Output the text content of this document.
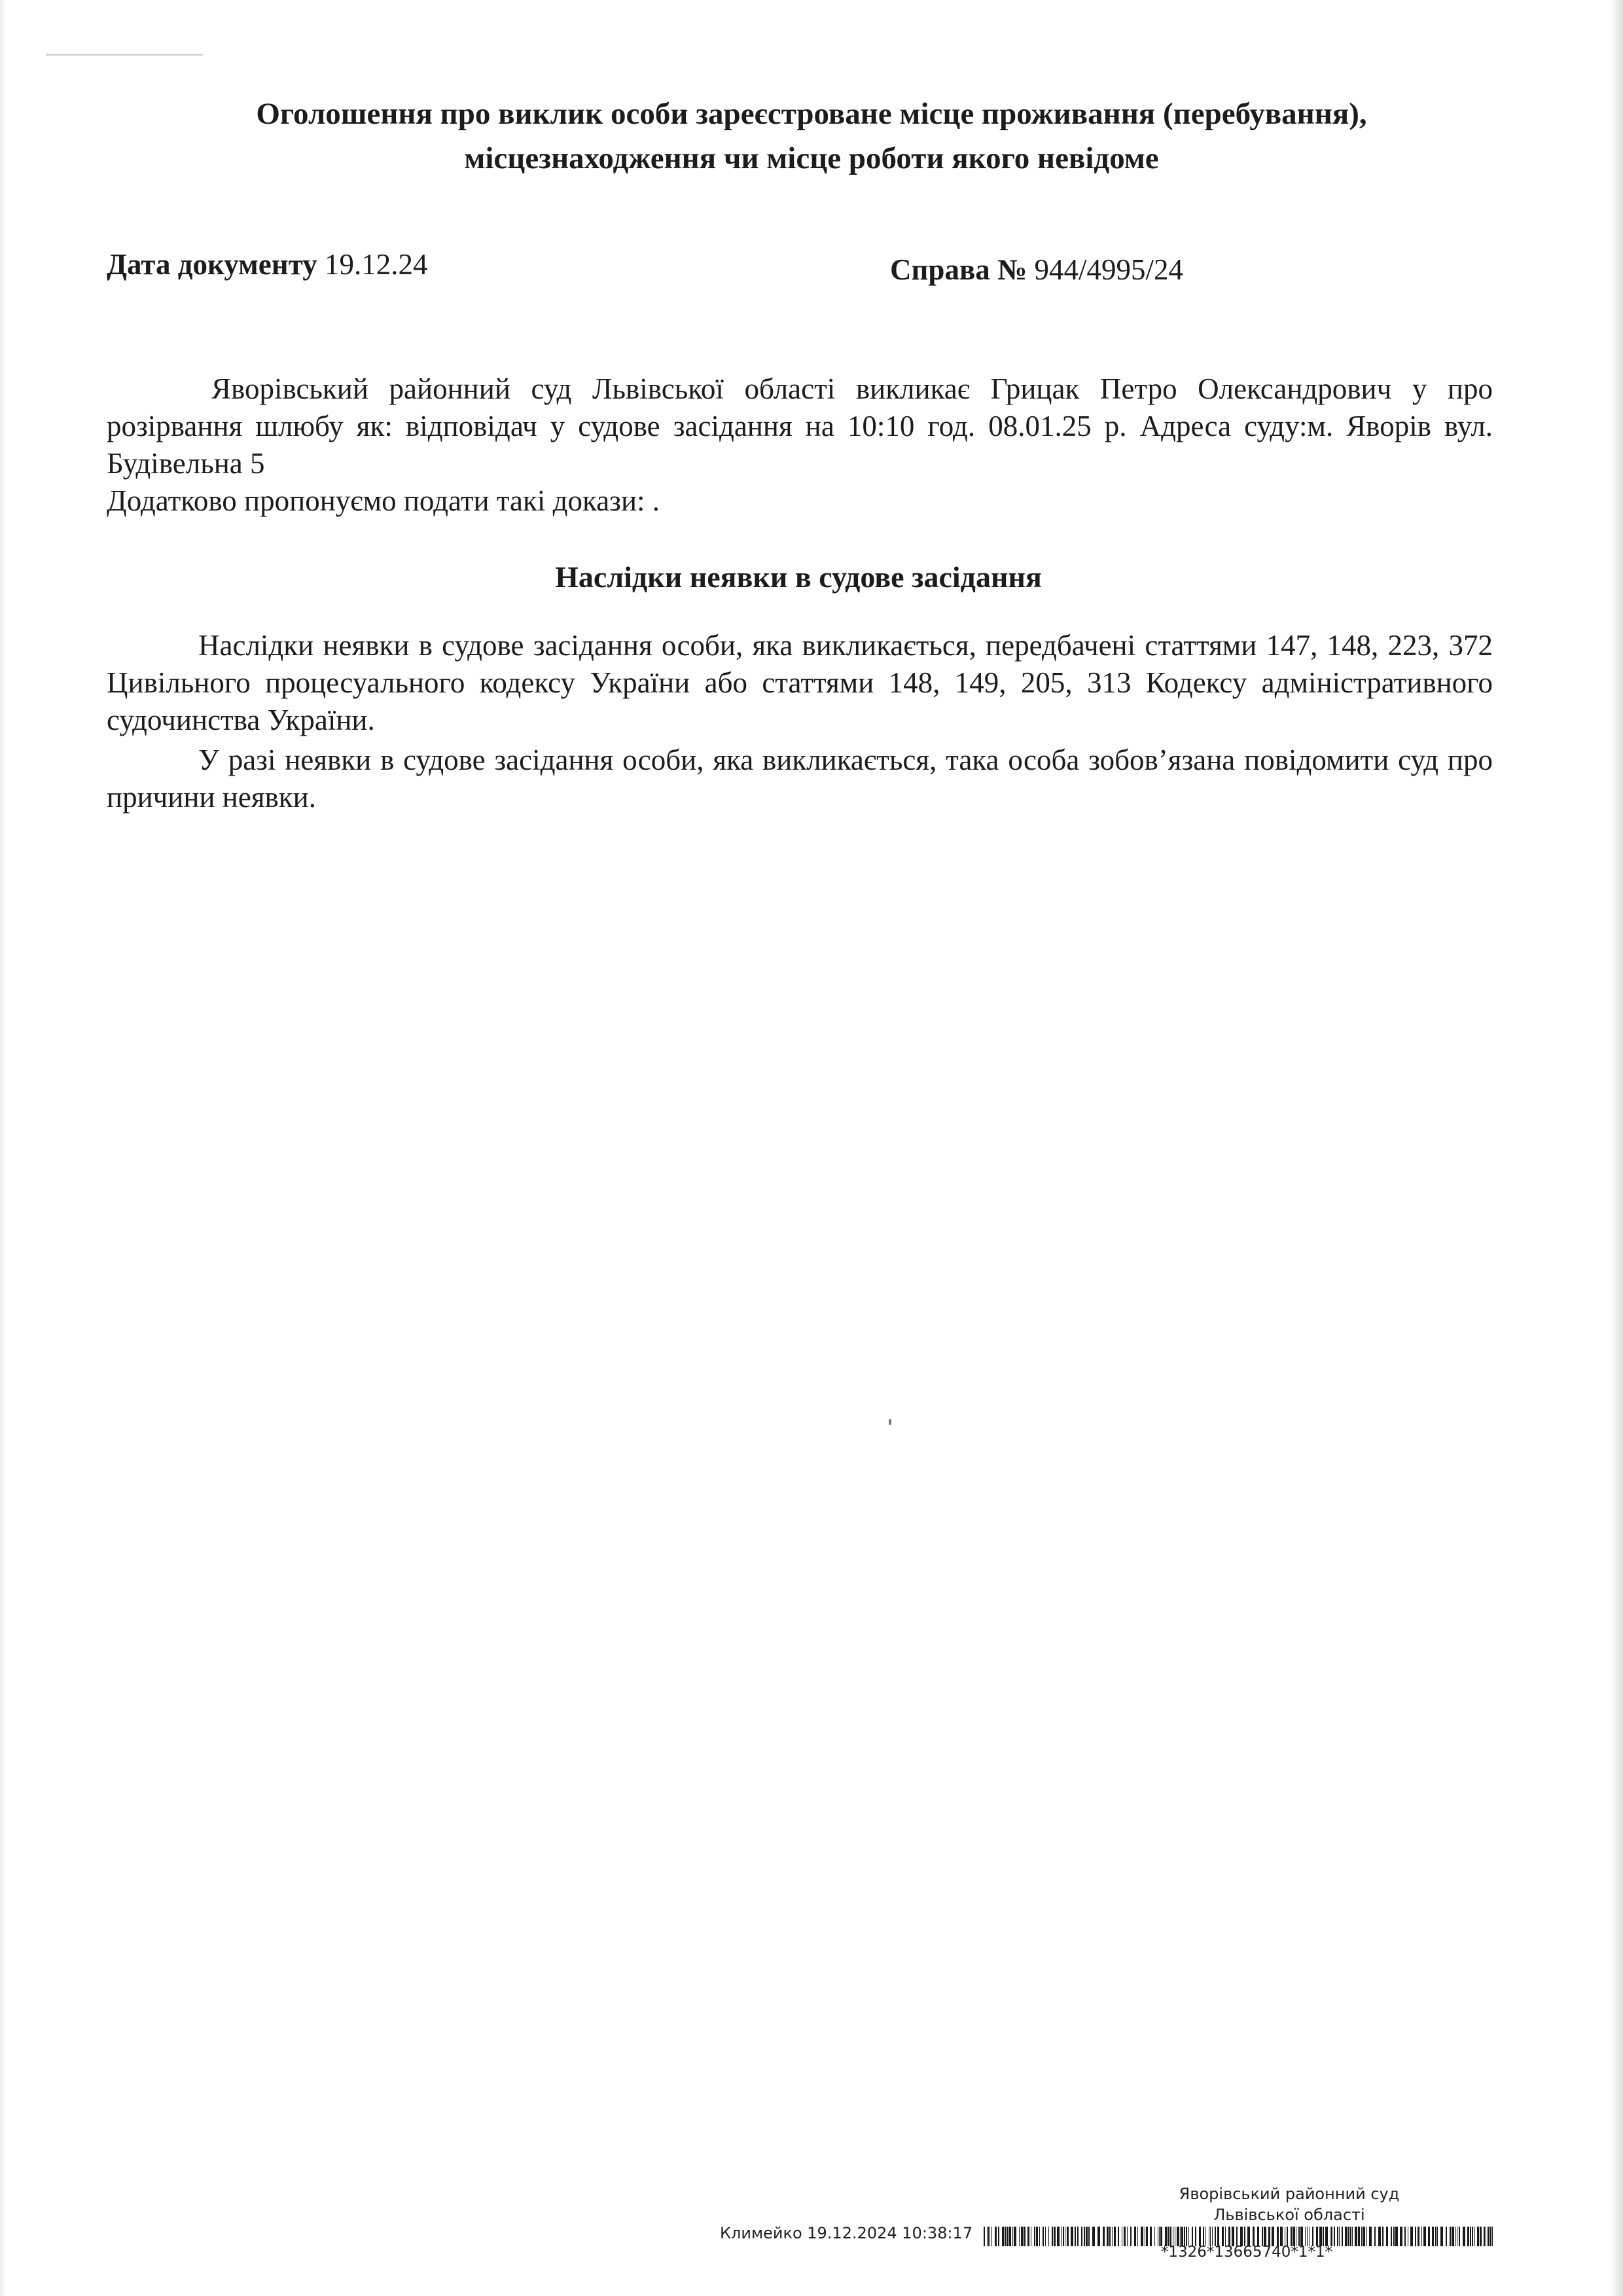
Оголошення про виклик особи зареєстроване місце проживання (перебування),
місцезнаходження чи місце роботи якого невідоме
Дата документу 19.12.24	Справа № 944/4995/24

Яворівський районний суд Львівської області викликає Грицак Петро Олександрович у про розірвання шлюбу як: відповідач у судове засідання на 10:10 год. 08.01.25 р. Адреса суду:м. Яворів вул. Будівельна 5

Додатково пропонуємо подати такі докази: .

Наслідки неявки в судове засідання

Наслідки неявки в судове засідання особи, яка викликається, передбачені статтями 147, 148, 223, 372 Цивільного процесуального кодексу України або статтями 148, 149, 205, 313 Кодексу адміністративного судочинства України.

У разі неявки в судове засідання особи, яка викликається, така особа зобов’язана повідомити суд про причини неявки.

Яворівський районний суд
Львівської області
Климейко 19.12.2024 10:38:17
*1326*13665740*1*1*
